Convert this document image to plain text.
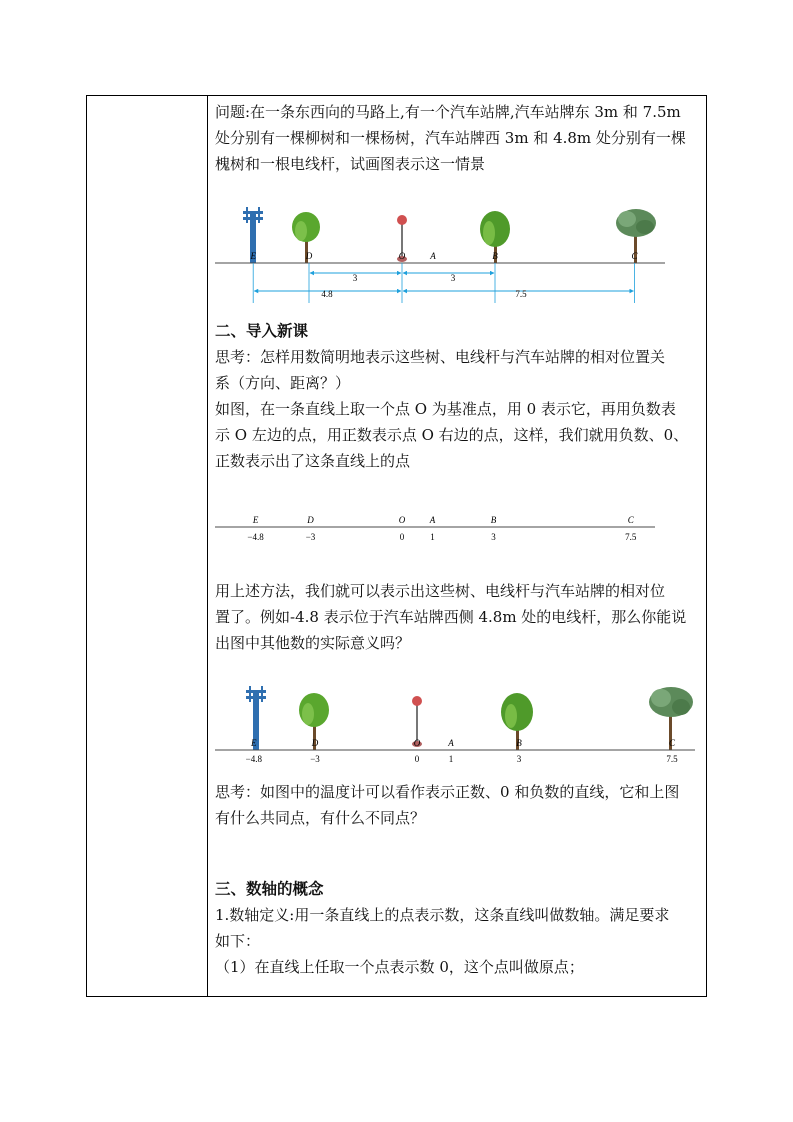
问题:在一条东西向的马路上,有一个汽车站牌,汽车站牌东 3m 和 7.5m

处分别有一棵柳树和一棵杨树，汽车站牌西 3m 和 4.8m 处分别有一棵

槐树和一根电线杆，试画图表示这一情景

E	D	O	A	B	C
3	3
4.8	7.5
二、导入新课

思考：怎样用数简明地表示这些树、电线杆与汽车站牌的相对位置关

系（方向、距离？）

如图，在一条直线上取一个点 O 为基准点，用 0 表示它，再用负数表

示 O 左边的点，用正数表示点 O 右边的点，这样，我们就用负数、0、

正数表示出了这条直线上的点

E
−4.8
D
−3
O
0
A
1
B
3
C
7.5

用上述方法，我们就可以表示出这些树、电线杆与汽车站牌的相对位

置了。例如-4.8 表示位于汽车站牌西侧 4.8m 处的电线杆，那么你能说

出图中其他数的实际意义吗？

E
−4.8
D
−3
O
0
A
1
B
3
C
7.5

思考：如图中的温度计可以看作表示正数、0 和负数的直线，它和上图

有什么共同点，有什么不同点？

三、数轴的概念

1.数轴定义:用一条直线上的点表示数，这条直线叫做数轴。满足要求

如下：

（1）在直线上任取一个点表示数 0，这个点叫做原点；
